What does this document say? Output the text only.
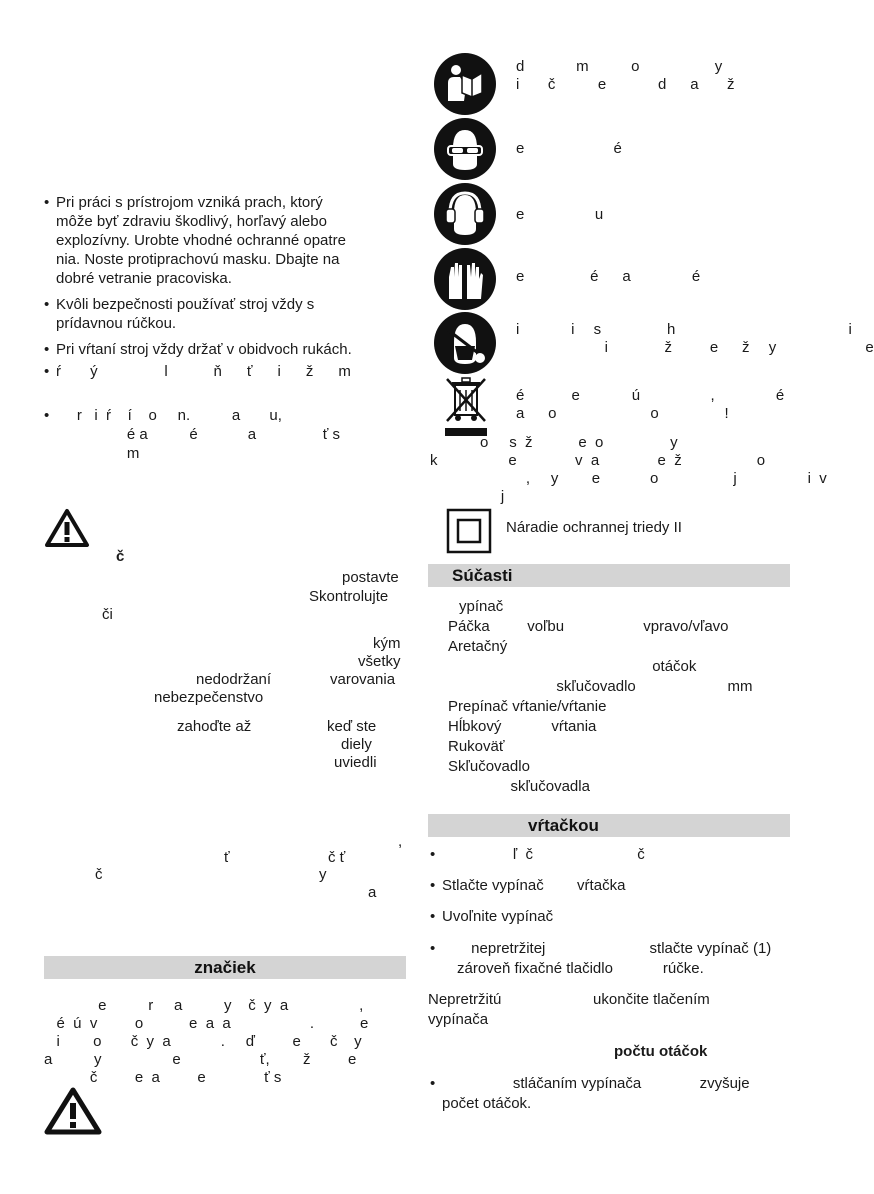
• Pri práci s prístrojom vzniká prach, ktorý
môže byť zdraviu škodlivý, horľavý alebo
explozívny. Urobte vhodné ochranné opatre
nia. Noste protiprachovú masku. Dbajte na
dobré vetranie pracoviska.
• Kvôli bezpečnosti používať stroj vždy s
prídavnou rúčkou.
• Pri vŕtaní stroj vždy držať v obidvoch rukách.
• ŕ       ý                l           ň      ť      i      ž      m
• r   i  ŕ    í    o     n.          a       u,
é a          é            a                ť s
m
č
postavte
Skontrolujte
či
kým
všetky
nedodržaní	varovania
nebezpečenstvo
zahoďte až	keď ste
diely
uviedli
,
ť	č ť
č	y
a
značiek
e          r     a          y    č  y  a                 ,
é  ú  v         o           e  a  a                   .           e
i        o       č  y  a            .     ď         e       č    y
a          y                 e                   ť,        ž         e
č         e  a         e              ť s
d           m         o                y
i      č         e           d     a      ž
e                   é
e               u
e              é     a             é
i           i    s              h                                     i
i            ž        e     ž    y                   e
é          e           ú               ,             é
a     o                    o              !
o     s  ž           e  o                y
k                 e              v  a              e  ž                  o
,     y        e            o                  j                 i  v
j
Náradie ochrannej triedy II
Súčasti
ypínač
Páčka         voľbu                   vpravo/vľavo
Aretačný
otáčok
skľučovadlo                      mm
Prepínač vŕtanie/vŕtanie
Hĺbkový            vŕtania
Rukoväť
Skľučovadlo
skľučovadla
vŕtačkou
• ľ  č                         č
• Stlačte vypínač        vŕtačka
• Uvoľnite vypínač
• nepretržitej                         stlačte vypínač (1)
zároveň fixačné tlačidlo            rúčke.
Nepretržitú                      ukončite tlačením
vypínača
počtu otáčok
• stláčaním vypínača              zvyšuje
počet otáčok.
